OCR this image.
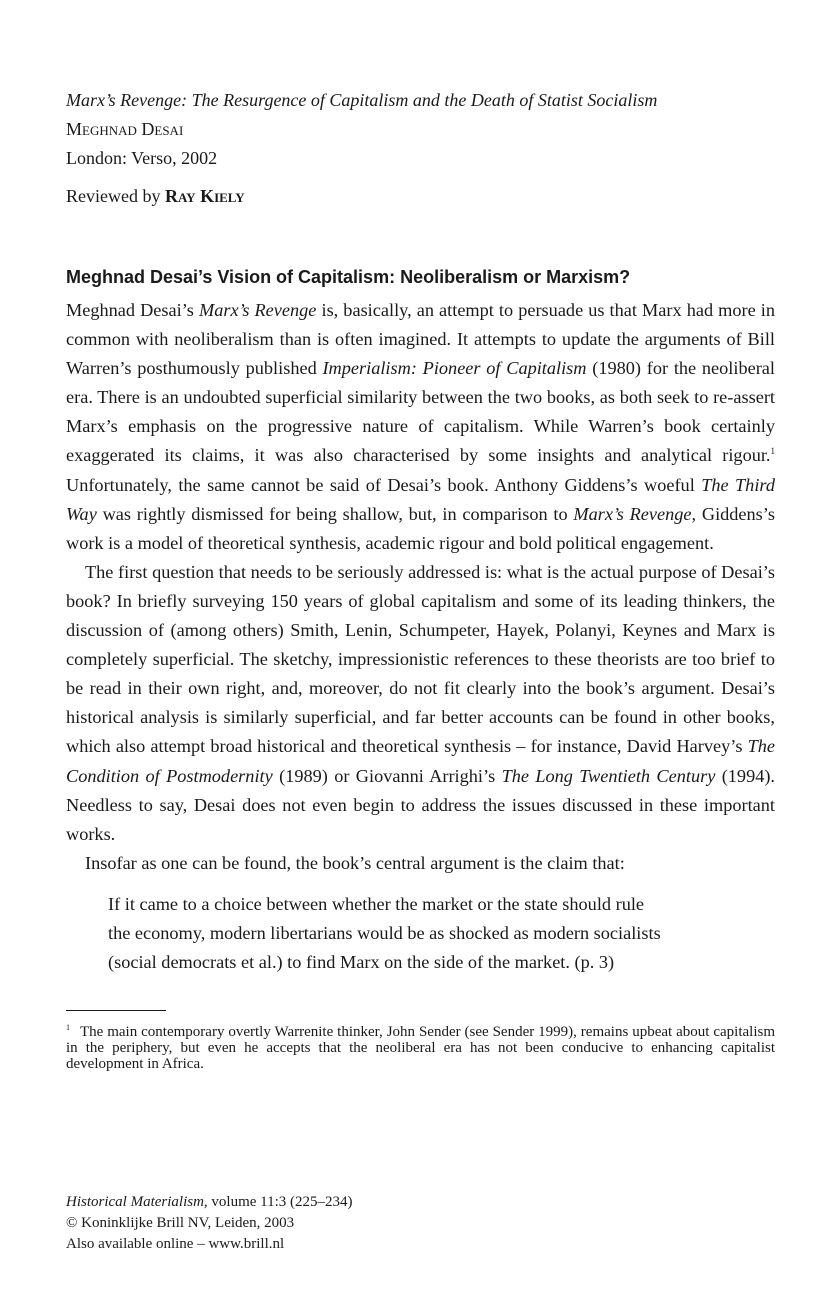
Marx’s Revenge: The Resurgence of Capitalism and the Death of Statist Socialism
Meghnad Desai
London: Verso, 2002
Reviewed by Ray Kiely
Meghnad Desai’s Vision of Capitalism: Neoliberalism or Marxism?

Meghnad Desai’s Marx’s Revenge is, basically, an attempt to persuade us that Marx had more in common with neoliberalism than is often imagined. It attempts to update the arguments of Bill Warren’s posthumously published Imperialism: Pioneer of Capitalism (1980) for the neoliberal era. There is an undoubted superficial similarity between the two books, as both seek to re-assert Marx’s emphasis on the progressive nature of capitalism. While Warren’s book certainly exaggerated its claims, it was also characterised by some insights and analytical rigour.$^1$ Unfortunately, the same cannot be said of Desai’s book. Anthony Giddens’s woeful The Third Way was rightly dismissed for being shallow, but, in comparison to Marx’s Revenge, Giddens’s work is a model of theoretical synthesis, academic rigour and bold political engagement.

The first question that needs to be seriously addressed is: what is the actual purpose of Desai’s book? In briefly surveying 150 years of global capitalism and some of its leading thinkers, the discussion of (among others) Smith, Lenin, Schumpeter, Hayek, Polanyi, Keynes and Marx is completely superficial. The sketchy, impressionistic references to these theorists are too brief to be read in their own right, and, moreover, do not fit clearly into the book’s argument. Desai’s historical analysis is similarly superficial, and far better accounts can be found in other books, which also attempt broad historical and theoretical synthesis – for instance, David Harvey’s The Condition of Postmodernity (1989) or Giovanni Arrighi’s The Long Twentieth Century (1994). Needless to say, Desai does not even begin to address the issues discussed in these important works.

Insofar as one can be found, the book’s central argument is the claim that:

If it came to a choice between whether the market or the state should rule
the economy, modern libertarians would be as shocked as modern socialists
(social democrats et al.) to find Marx on the side of the market. (p. 3)
$^1$ The main contemporary overtly Warrenite thinker, John Sender (see Sender 1999), remains upbeat about capitalism in the periphery, but even he accepts that the neoliberal era has not been conducive to enhancing capitalist development in Africa.
Historical Materialism, volume 11:3 (225–234)
© Koninklijke Brill NV, Leiden, 2003
Also available online – www.brill.nl
